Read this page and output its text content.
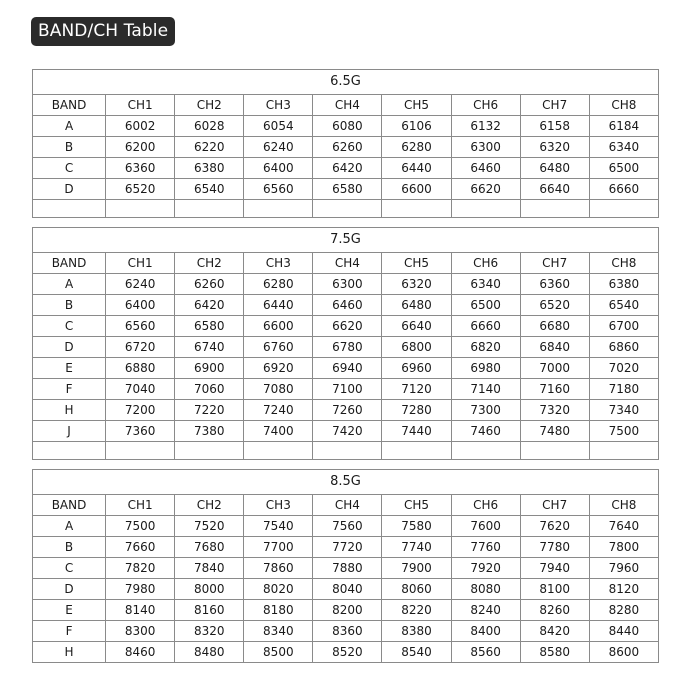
BAND/CH Table
6.5G								
BAND	CH1	CH2	CH3	CH4	CH5	CH6	CH7	CH8
A	6002	6028	6054	6080	6106	6132	6158	6184
B	6200	6220	6240	6260	6280	6300	6320	6340
C	6360	6380	6400	6420	6440	6460	6480	6500
D	6520	6540	6560	6580	6600	6620	6640	6660

7.5G								
BAND	CH1	CH2	CH3	CH4	CH5	CH6	CH7	CH8
A	6240	6260	6280	6300	6320	6340	6360	6380
B	6400	6420	6440	6460	6480	6500	6520	6540
C	6560	6580	6600	6620	6640	6660	6680	6700
D	6720	6740	6760	6780	6800	6820	6840	6860
E	6880	6900	6920	6940	6960	6980	7000	7020
F	7040	7060	7080	7100	7120	7140	7160	7180
H	7200	7220	7240	7260	7280	7300	7320	7340
J	7360	7380	7400	7420	7440	7460	7480	7500

8.5G								
BAND	CH1	CH2	CH3	CH4	CH5	CH6	CH7	CH8
A	7500	7520	7540	7560	7580	7600	7620	7640
B	7660	7680	7700	7720	7740	7760	7780	7800
C	7820	7840	7860	7880	7900	7920	7940	7960
D	7980	8000	8020	8040	8060	8080	8100	8120
E	8140	8160	8180	8200	8220	8240	8260	8280
F	8300	8320	8340	8360	8380	8400	8420	8440
H	8460	8480	8500	8520	8540	8560	8580	8600
